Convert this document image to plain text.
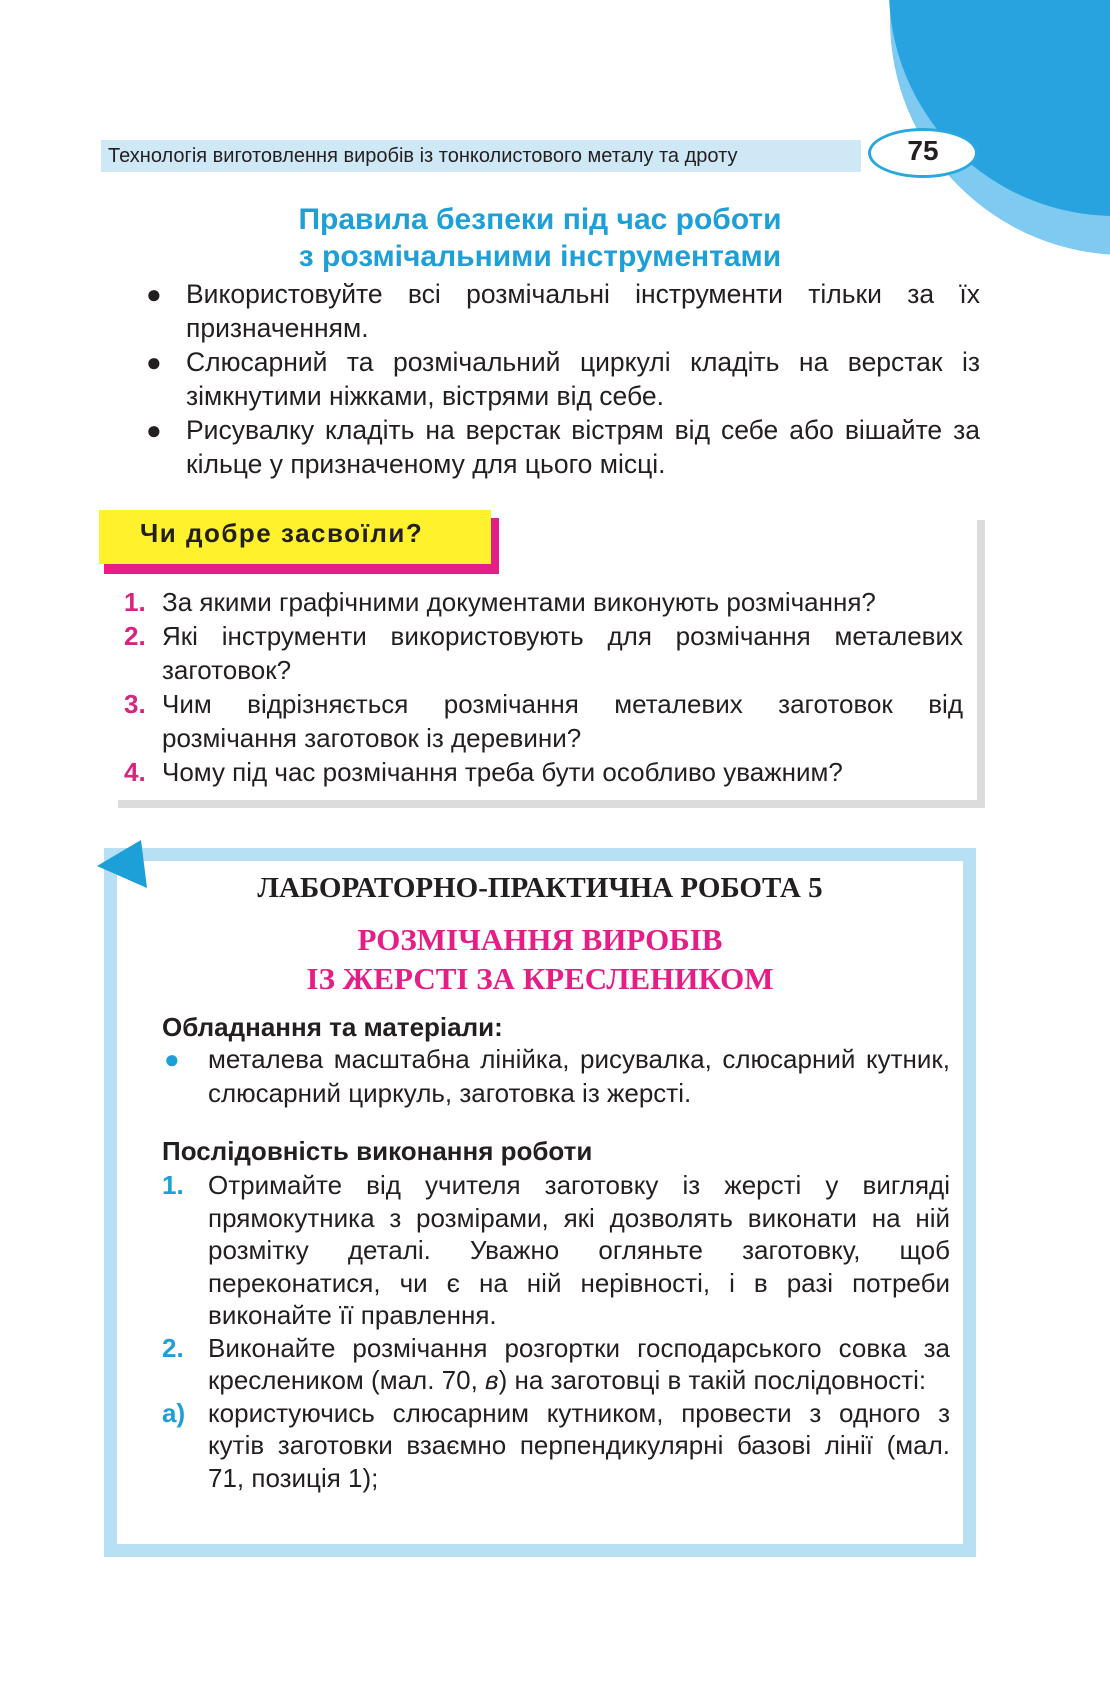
Технологія виготовлення виробів із тонколистового металу та дроту	75
Правила безпеки під час роботи
з розмічальними інструментами
● Використовуйте всі розмічальні інструменти тільки за їх призначенням.
● Слюсарний та розмічальний циркулі кладіть на верстак із зімкнутими ніжками, вістрями від себе.
● Рисувалку кладіть на верстак вістрям від себе або вішайте за кільце у призначеному для цього місці.
Чи добре засвоїли?
1. За якими графічними документами виконують розмічання?
2. Які інструменти використовують для розмічання металевих заготовок?
3. Чим відрізняється розмічання металевих заготовок від розмічання заготовок із деревини?
4. Чому під час розмічання треба бути особливо уважним?
ЛАБОРАТОРНО-ПРАКТИЧНА РОБОТА 5
РОЗМІЧАННЯ ВИРОБІВ
ІЗ ЖЕРСТІ ЗА КРЕСЛЕНИКОМ
Обладнання та матеріали:
● металева масштабна лінійка, рисувалка, слюсарний кутник, слюсарний циркуль, заготовка із жерсті.
Послідовність виконання роботи
1. Отримайте від учителя заготовку із жерсті у вигляді прямокутника з розмірами, які дозволять виконати на ній розмітку деталі. Уважно огляньте заготовку, щоб переконатися, чи є на ній нерівності, і в разі потреби виконайте її правлення.
2. Виконайте розмічання розгортки господарського совка за креслеником (мал. 70, в) на заготовці в такій послідовності:
а) користуючись слюсарним кутником, провести з одного з кутів заготовки взаємно перпендикулярні базові лінії (мал. 71, позиція 1);
